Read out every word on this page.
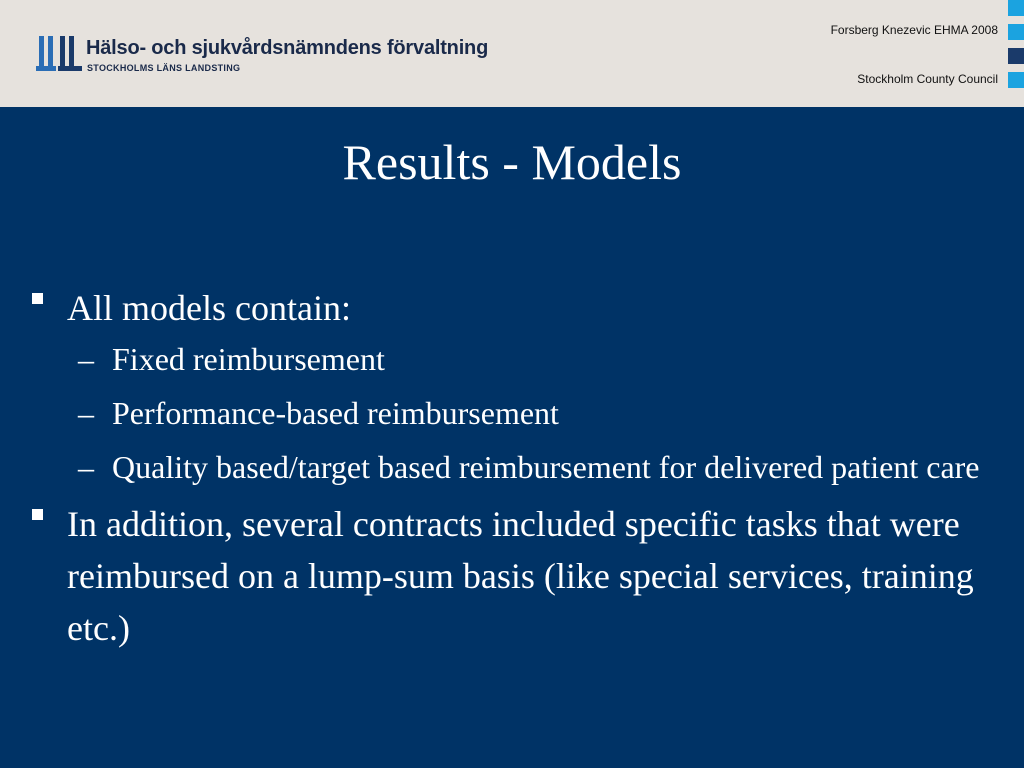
Hälso- och sjukvårdsnämndens förvaltning
STOCKHOLMS LÄNS LANDSTING
Forsberg Knezevic EHMA 2008
Stockholm County Council
Results - Models
All models contain:
– Fixed reimbursement
– Performance-based reimbursement
– Quality based/target based reimbursement for delivered patient care
In addition, several contracts included specific tasks that were reimbursed on a lump-sum basis (like special services, training etc.)
